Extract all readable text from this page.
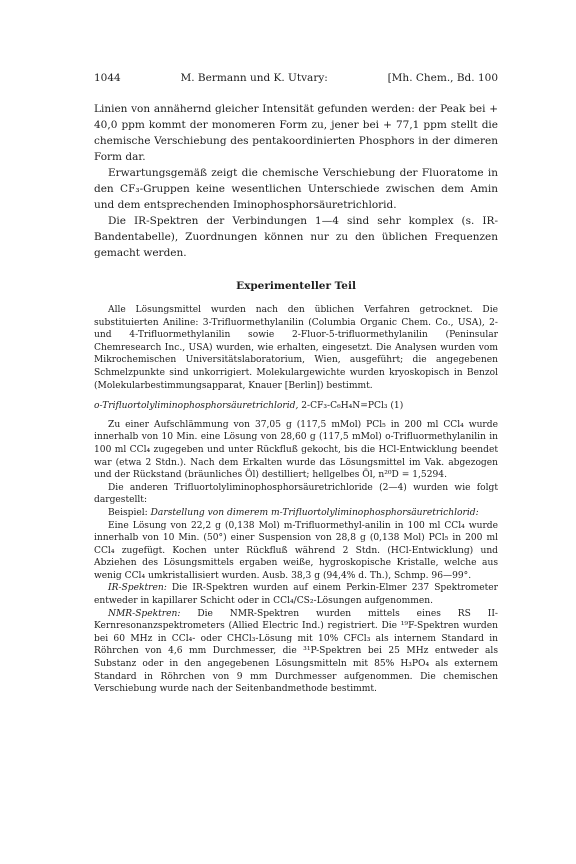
1044	M. Bermann und K. Utvary:	[Mh. Chem., Bd. 100
Linien von annähernd gleicher Intensität gefunden werden: der Peak bei + 40,0 ppm kommt der monomeren Form zu, jener bei + 77,1 ppm stellt die chemische Verschiebung des pentakoordinierten Phosphors in der dimeren Form dar.
Erwartungsgemäß zeigt die chemische Verschiebung der Fluoratome in den CF₃-Gruppen keine wesentlichen Unterschiede zwischen dem Amin und dem entsprechenden Iminophosphorsäuretrichlorid.
Die IR-Spektren der Verbindungen 1—4 sind sehr komplex (s. IR-Bandentabelle), Zuordnungen können nur zu den üblichen Frequenzen gemacht werden.
Experimenteller Teil
Alle Lösungsmittel wurden nach den üblichen Verfahren getrocknet. Die substituierten Aniline: 3-Trifluormethylanilin (Columbia Organic Chem. Co., USA), 2- und 4-Trifluormethylanilin sowie 2-Fluor-5-trifluormethylanilin (Peninsular Chemresearch Inc., USA) wurden, wie erhalten, eingesetzt. Die Analysen wurden vom Mikrochemischen Universitätslaboratorium, Wien, ausgeführt; die angegebenen Schmelzpunkte sind unkorrigiert. Molekulargewichte wurden kryoskopisch in Benzol (Molekularbestimmungsapparat, Knauer [Berlin]) bestimmt.
o-Trifluortolyliminophosphorsäuretrichlorid, 2-CF₃-C₆H₄N=PCl₃ (1)
Zu einer Aufschlämmung von 37,05 g (117,5 mMol) PCl₅ in 200 ml CCl₄ wurde innerhalb von 10 Min. eine Lösung von 28,60 g (117,5 mMol) o-Trifluormethylanilin in 100 ml CCl₄ zugegeben und unter Rückfluß gekocht, bis die HCl-Entwicklung beendet war (etwa 2 Stdn.). Nach dem Erkalten wurde das Lösungsmittel im Vak. abgezogen und der Rückstand (bräunliches Öl) destilliert; hellgelbes Öl, n²⁰D = 1,5294.
Die anderen Trifluortolyliminophosphorsäuretrichloride (2—4) wurden wie folgt dargestellt:
Beispiel: Darstellung von dimerem m-Trifluortolyliminophosphorsäuretrichlorid:
Eine Lösung von 22,2 g (0,138 Mol) m-Trifluormethyl-anilin in 100 ml CCl₄ wurde innerhalb von 10 Min. (50°) einer Suspension von 28,8 g (0,138 Mol) PCl₅ in 200 ml CCl₄ zugefügt. Kochen unter Rückfluß während 2 Stdn. (HCl-Entwicklung) und Abziehen des Lösungsmittels ergaben weiße, hygroskopische Kristalle, welche aus wenig CCl₄ umkristallisiert wurden. Ausb. 38,3 g (94,4% d. Th.), Schmp. 96—99°.
IR-Spektren: Die IR-Spektren wurden auf einem Perkin-Elmer 237 Spektrometer entweder in kapillarer Schicht oder in CCl₄/CS₂-Lösungen aufgenommen.
NMR-Spektren: Die NMR-Spektren wurden mittels eines RS II-Kernresonanzspektrometers (Allied Electric Ind.) registriert. Die ¹⁹F-Spektren wurden bei 60 MHz in CCl₄- oder CHCl₃-Lösung mit 10% CFCl₃ als internem Standard in Röhrchen von 4,6 mm Durchmesser, die ³¹P-Spektren bei 25 MHz entweder als Substanz oder in den angegebenen Lösungsmitteln mit 85% H₃PO₄ als externem Standard in Röhrchen von 9 mm Durchmesser aufgenommen. Die chemischen Verschiebung wurde nach der Seitenbandmethode bestimmt.
